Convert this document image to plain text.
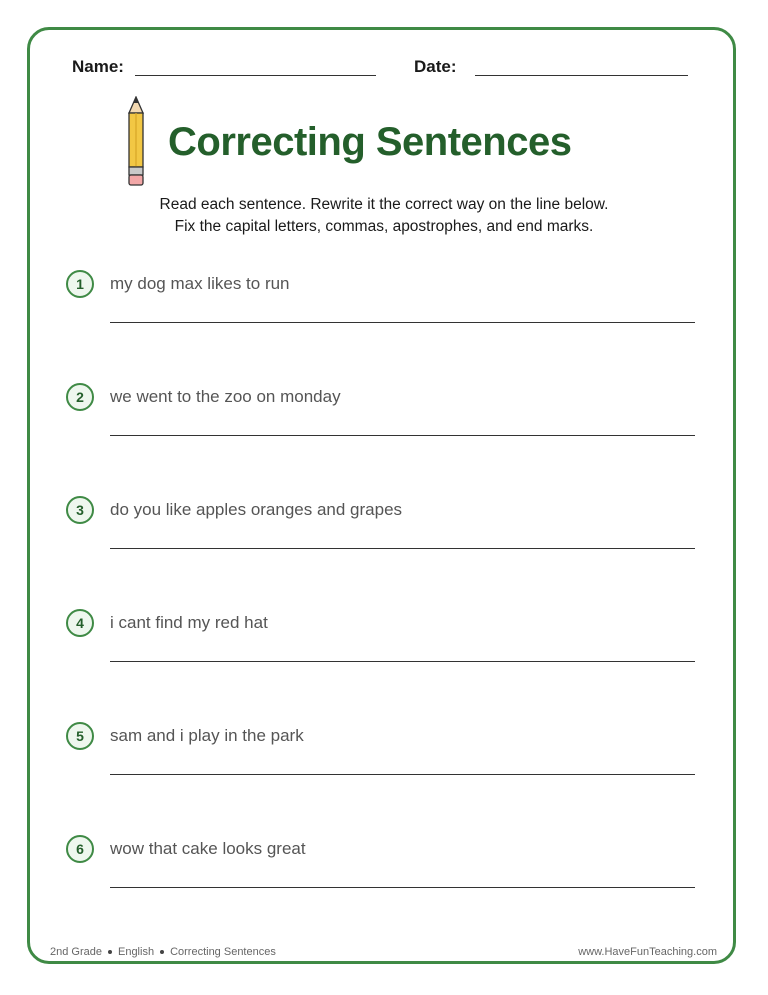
Name:	Date:
Correcting Sentences
Read each sentence. Rewrite it the correct way on the line below.
Fix the capital letters, commas, apostrophes, and end marks.
1	my dog max likes to run
2	we went to the zoo on monday
3	do you like apples oranges and grapes
4	i cant find my red hat
5	sam and i play in the park
6	wow that cake looks great
2nd Grade English Correcting Sentences	www.HaveFunTeaching.com
